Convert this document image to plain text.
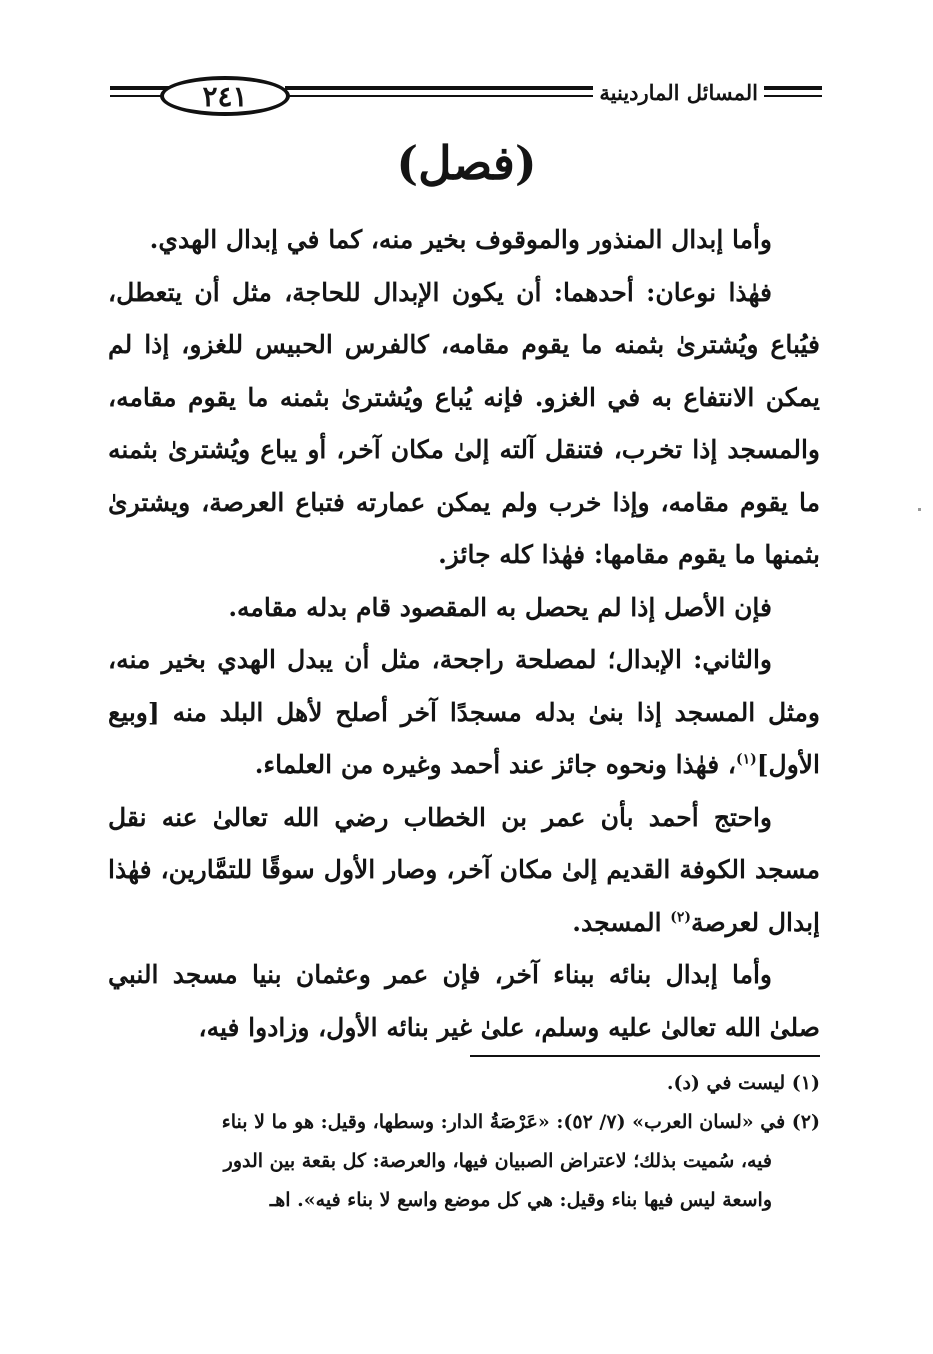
٢٤١	المسائل الماردينية
(فصل)

وأما إبدال المنذور والموقوف بخير منه، كما في إبدال الهدي.

فهٰذا نوعان: أحدهما: أن يكون الإبدال للحاجة، مثل أن يتعطل، فيُباع ويُشترىٰ بثمنه ما يقوم مقامه، كالفرس الحبيس للغزو، إذا لم يمكن الانتفاع به في الغزو. فإنه يُباع ويُشترىٰ بثمنه ما يقوم مقامه، والمسجد إذا تخرب، فتنقل آلته إلىٰ مكان آخر، أو يباع ويُشترىٰ بثمنه ما يقوم مقامه، وإذا خرب ولم يمكن عمارته فتباع العرصة، ويشترىٰ بثمنها ما يقوم مقامها: فهٰذا كله جائز.

فإن الأصل إذا لم يحصل به المقصود قام بدله مقامه.

والثاني: الإبدال؛ لمصلحة راجحة، مثل أن يبدل الهدي بخير منه، ومثل المسجد إذا بنىٰ بدله مسجدًا آخر أصلح لأهل البلد منه [وبيع الأول]$^{(١)}$، فهٰذا ونحوه جائز عند أحمد وغيره من العلماء.

واحتج أحمد بأن عمر بن الخطاب رضي الله تعالىٰ عنه نقل مسجد الكوفة القديم إلىٰ مكان آخر، وصار الأول سوقًا للتمَّارين، فهٰذا إبدال لعرصة$^{(٢)}$ المسجد.

وأما إبدال بنائه ببناء آخر، فإن عمر وعثمان بنيا مسجد النبي صلىٰ الله تعالىٰ عليه وسلم، علىٰ غير بنائه الأول، وزادوا فيه،

(١) ليست في (د).

(٢) في «لسان العرب» (٧/ ٥٢): «عَرْصَةُ الدار: وسطها، وقيل: هو ما لا بناء

فيه، سُميت بذلك؛ لاعتراض الصبيان فيها، والعرصة: كل بقعة بين الدور

واسعة ليس فيها بناء وقيل: هي كل موضع واسع لا بناء فيه». اهـ
